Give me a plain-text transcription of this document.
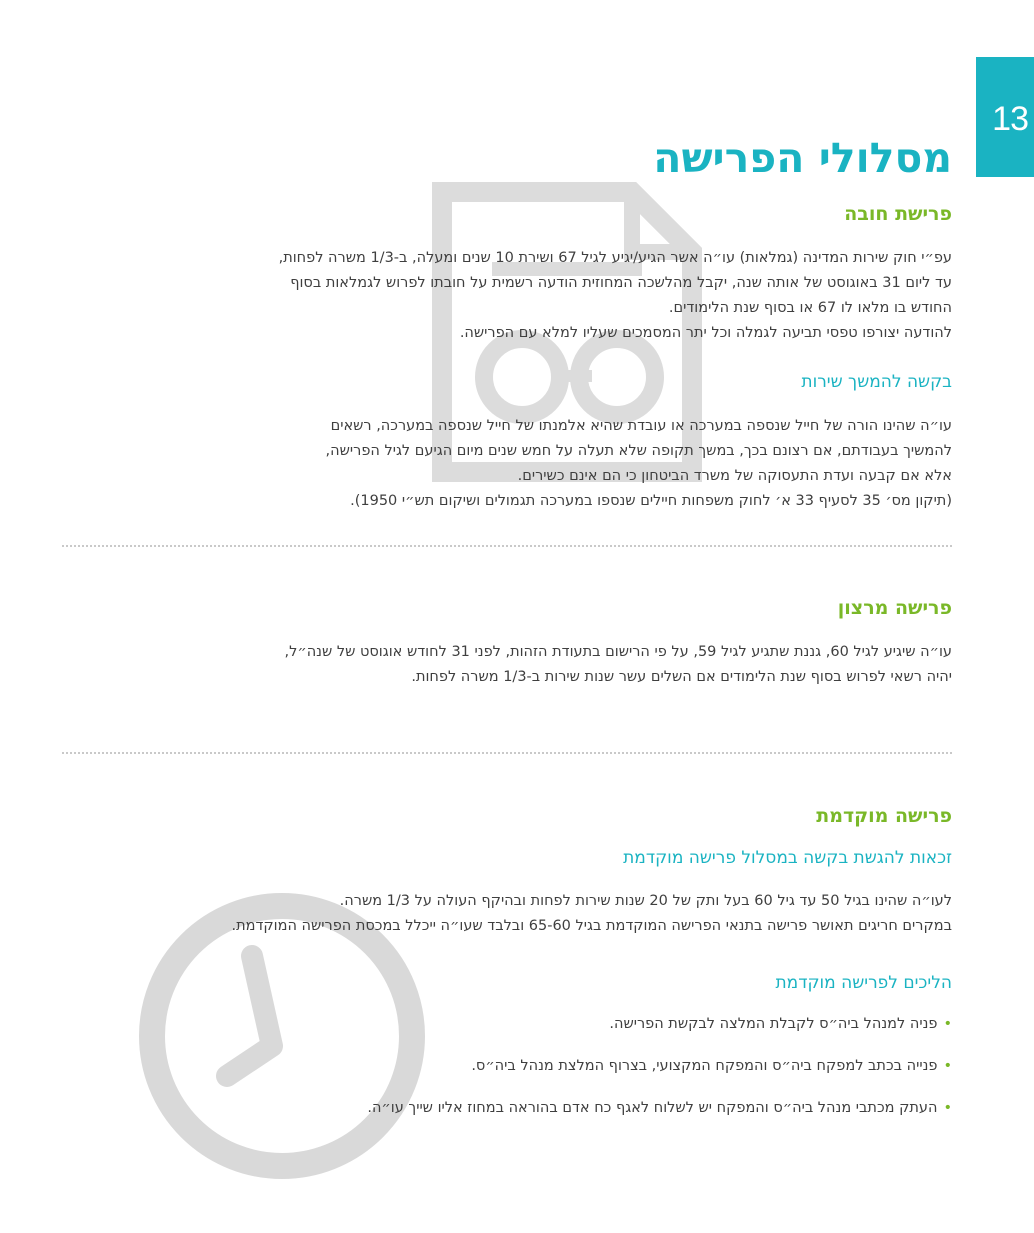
13
מסלולי הפרישה
פרישת חובה
עפ״י חוק שירות המדינה (גמלאות) עו״ה אשר הגיע/יגיע לגיל 67 ושירת 10 שנים ומעלה, ב-1/3 משרה לפחות,
עד ליום 31 באוגוסט של אותה שנה, יקבל מהלשכה המחוזית הודעה רשמית על חובתו לפרוש לגמלאות בסוף
החודש בו מלאו לו 67 או בסוף שנת הלימודים.
להודעה יצורפו טפסי תביעה לגמלה וכל יתר המסמכים שעליו למלא עם הפרישה.
בקשה להמשך שירות
עו״ה שהינו הורה של חייל שנספה במערכה או עובדת שהיא אלמנתו של חייל שנספה במערכה, רשאים
להמשיך בעבודתם, אם רצונם בכך, במשך תקופה שלא תעלה על חמש שנים מיום הגיעם לגיל הפרישה,
אלא אם קבעה ועדת התעסוקה של משרד הביטחון כי הם אינם כשירים.
(תיקון מס׳ 35 לסעיף 33 א׳ לחוק משפחות חיילים שנספו במערכה תגמולים ושיקום תש״י 1950).
פרישה מרצון
עו״ה שיגיע לגיל 60, גננת שתגיע לגיל 59, על פי הרישום בתעודת הזהות, לפני 31 לחודש אוגוסט של שנה״ל,
יהיה רשאי לפרוש בסוף שנת הלימודים אם השלים עשר שנות שירות ב-1/3 משרה לפחות.
פרישה מוקדמת
זכאות להגשת בקשה במסלול פרישה מוקדמת
לעו״ה שהינו בגיל 50 עד גיל 60 בעל ותק של 20 שנות שירות לפחות ובהיקף העולה על 1/3 משרה.
במקרים חריגים תאושר פרישה בתנאי הפרישה המוקדמת בגיל 65-60 ובלבד שעו״ה ייכלל במכסת הפרישה המוקדמת.
הליכים לפרישה מוקדמת
•פניה למנהל ביה״ס לקבלת המלצה לבקשת הפרישה.
•פנייה בכתב למפקח ביה״ס והמפקח המקצועי, בצרוף המלצת מנהל ביה״ס.
•העתק מכתבי מנהל ביה״ס והמפקח יש לשלוח לאגף כח אדם בהוראה במחוז אליו שייך עו״ה.
